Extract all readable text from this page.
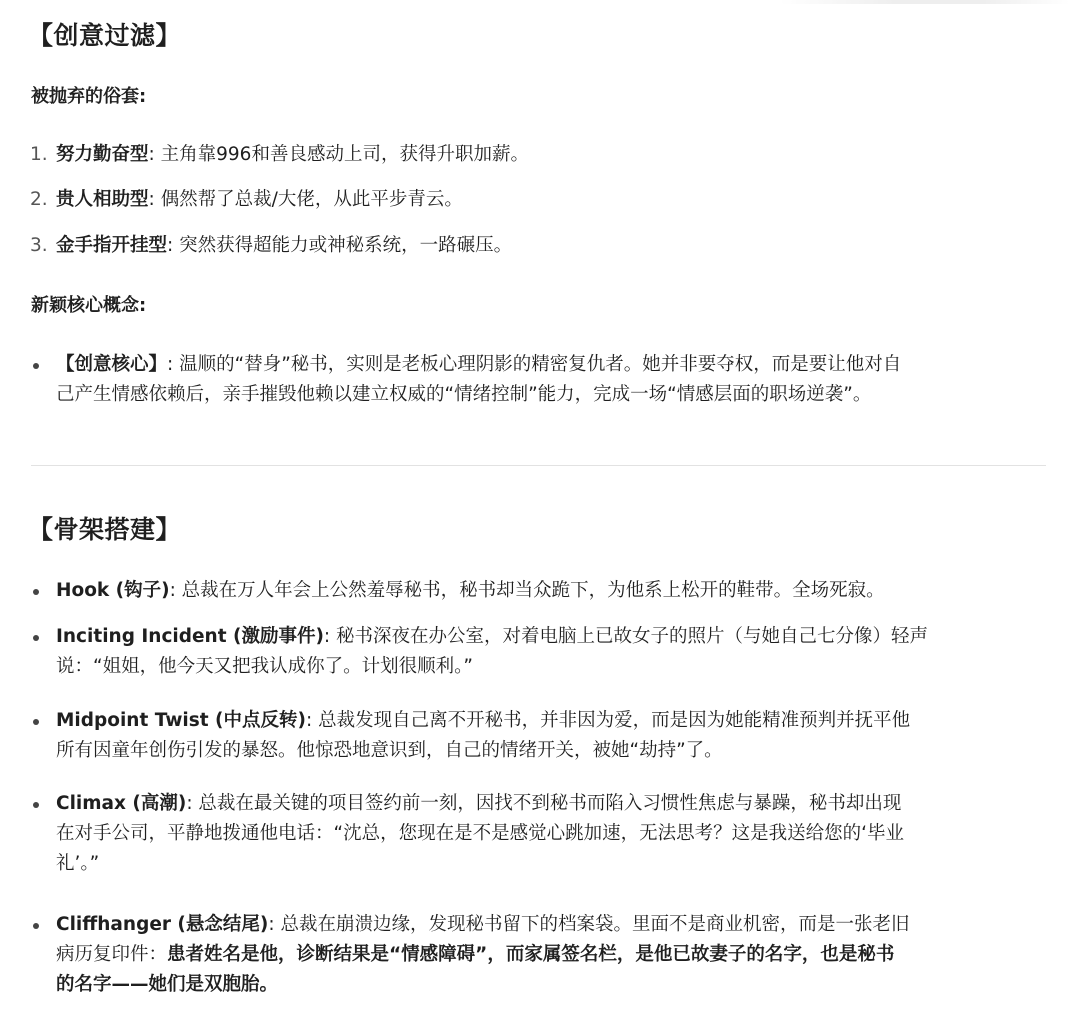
【创意过滤】

被抛弃的俗套:

1. 努力勤奋型: 主角靠996和善良感动上司，获得升职加薪。
2. 贵人相助型: 偶然帮了总裁/大佬，从此平步青云。
3. 金手指开挂型: 突然获得超能力或神秘系统，一路碾压。

新颖核心概念:

【创意核心】: 温顺的“替身”秘书，实则是老板心理阴影的精密复仇者。她并非要夺权，而是要让他对自
己产生情感依赖后，亲手摧毁他赖以建立权威的“情绪控制”能力，完成一场“情感层面的职场逆袭”。
【骨架搭建】
Hook (钩子): 总裁在万人年会上公然羞辱秘书，秘书却当众跪下，为他系上松开的鞋带。全场死寂。
Inciting Incident (激励事件): 秘书深夜在办公室，对着电脑上已故女子的照片（与她自己七分像）轻声
说：“姐姐，他今天又把我认成你了。计划很顺利。”
Midpoint Twist (中点反转): 总裁发现自己离不开秘书，并非因为爱，而是因为她能精准预判并抚平他
所有因童年创伤引发的暴怒。他惊恐地意识到，自己的情绪开关，被她“劫持”了。
Climax (高潮): 总裁在最关键的项目签约前一刻，因找不到秘书而陷入习惯性焦虑与暴躁，秘书却出现
在对手公司，平静地拨通他电话：“沈总，您现在是不是感觉心跳加速，无法思考？这是我送给您的‘毕业
礼’。”
Cliffhanger (悬念结尾): 总裁在崩溃边缘，发现秘书留下的档案袋。里面不是商业机密，而是一张老旧
病历复印件：患者姓名是他，诊断结果是“情感障碍”，而家属签名栏，是他已故妻子的名字，也是秘书
的名字——她们是双胞胎。
